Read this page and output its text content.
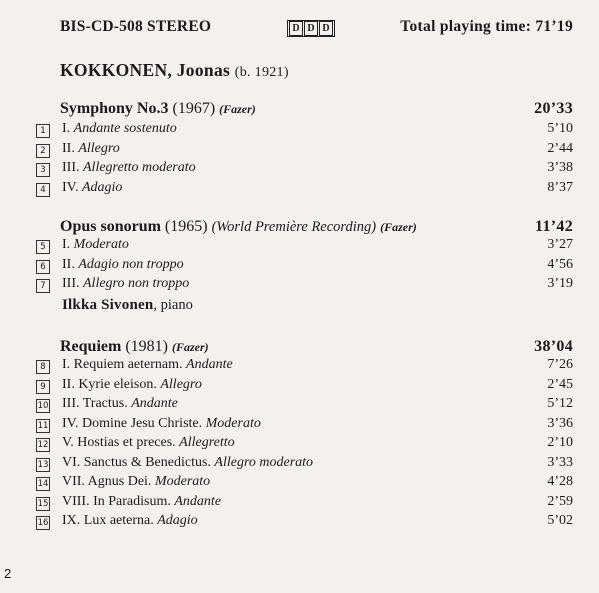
BIS-CD-508 STEREO	D D D	Total playing time: 71’19
KOKKONEN, Joonas (b. 1921)
Symphony No.3 (1967) (Fazer)	20’33
1	I. Andante sostenuto	5’10
2	II. Allegro	2’44
3	III. Allegretto moderato	3’38
4	IV. Adagio	8’37
Opus sonorum (1965) (World Première Recording) (Fazer)	11’42
5	I. Moderato	3’27
6	II. Adagio non troppo	4’56
7	III. Allegro non troppo	3’19
Requiem (1981) (Fazer)	38’04
8	I. Requiem aeternam. Andante	7’26
9	II. Kyrie eleison. Allegro	2’45
10 III. Tractus. Andante	5’12
11 IV. Domine Jesu Christe. Moderato	3’36
12 V. Hostias et preces. Allegretto	2’10
13 VI. Sanctus & Benedictus. Allegro moderato	3’33
14 VII. Agnus Dei. Moderato	4’28
15 VIII. In Paradisum. Andante	2’59
16 IX. Lux aeterna. Adagio	5’02
Ilkka Sivonen, piano
2
